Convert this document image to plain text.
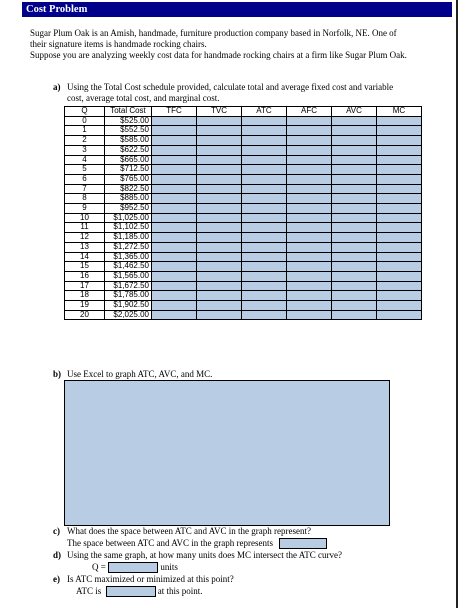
Cost Problem

Sugar Plum Oak is an Amish, handmade, furniture production company based in Norfolk, NE. One of

their signature items is handmade rocking chairs.

Suppose you are analyzing weekly cost data for handmade rocking chairs at a firm like Sugar Plum Oak.

a) Using the Total Cost schedule provided, calculate total and average fixed cost and variable
cost, average total cost, and marginal cost.
Q	Total Cost	TFC	TVC	ATC	AFC	AVC	MC
0	$525.00						
1	$552.50						
2	$585.00						
3	$622.50						
4	$665.00						
5	$712.50						
6	$765.00						
7	$822.50						
8	$885.00						
9	$952.50						
10	$1,025.00						
11	$1,102.50						
12	$1,185.00						
13	$1,272.50						
14	$1,365.00						
15	$1,462.50						
16	$1,565.00						
17	$1,672.50						
18	$1,785.00						
19	$1,902.50						
20	$2,025.00						
b) Use Excel to graph ATC, AVC, and MC.
c) What does the space between ATC and AVC in the graph represent?
The space between ATC and AVC in the graph represents
d) Using the same graph, at how many units does MC intersect the ATC curve?
Q =	units
e) Is ATC maximized or minimized at this point?
ATC is	at this point.
